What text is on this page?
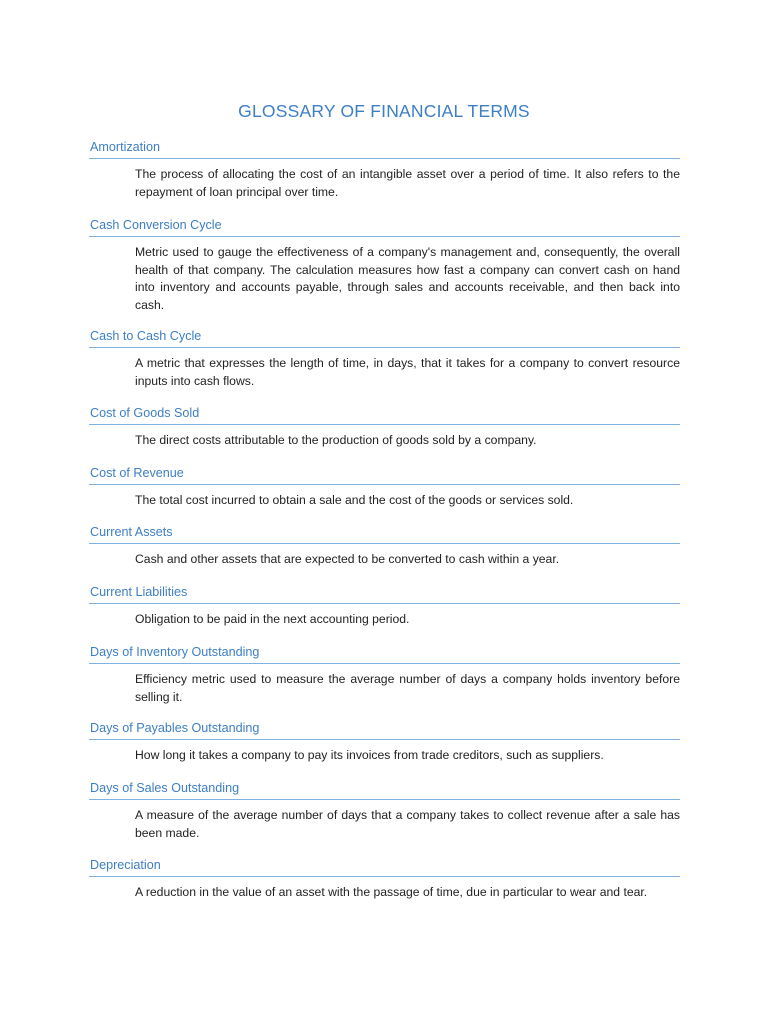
GLOSSARY OF FINANCIAL TERMS
Amortization
The process of allocating the cost of an intangible asset over a period of time. It also refers to the repayment of loan principal over time.
Cash Conversion Cycle
Metric used to gauge the effectiveness of a company's management and, consequently, the overall health of that company. The calculation measures how fast a company can convert cash on hand into inventory and accounts payable, through sales and accounts receivable, and then back into cash.
Cash to Cash Cycle
A metric that expresses the length of time, in days, that it takes for a company to convert resource inputs into cash flows.
Cost of Goods Sold
The direct costs attributable to the production of goods sold by a company.
Cost of Revenue
The total cost incurred to obtain a sale and the cost of the goods or services sold.
Current Assets
Cash and other assets that are expected to be converted to cash within a year.
Current Liabilities
Obligation to be paid in the next accounting period.
Days of Inventory Outstanding
Efficiency metric used to measure the average number of days a company holds inventory before selling it.
Days of Payables Outstanding
How long it takes a company to pay its invoices from trade creditors, such as suppliers.
Days of Sales Outstanding
A measure of the average number of days that a company takes to collect revenue after a sale has been made.
Depreciation
A reduction in the value of an asset with the passage of time, due in particular to wear and tear.
